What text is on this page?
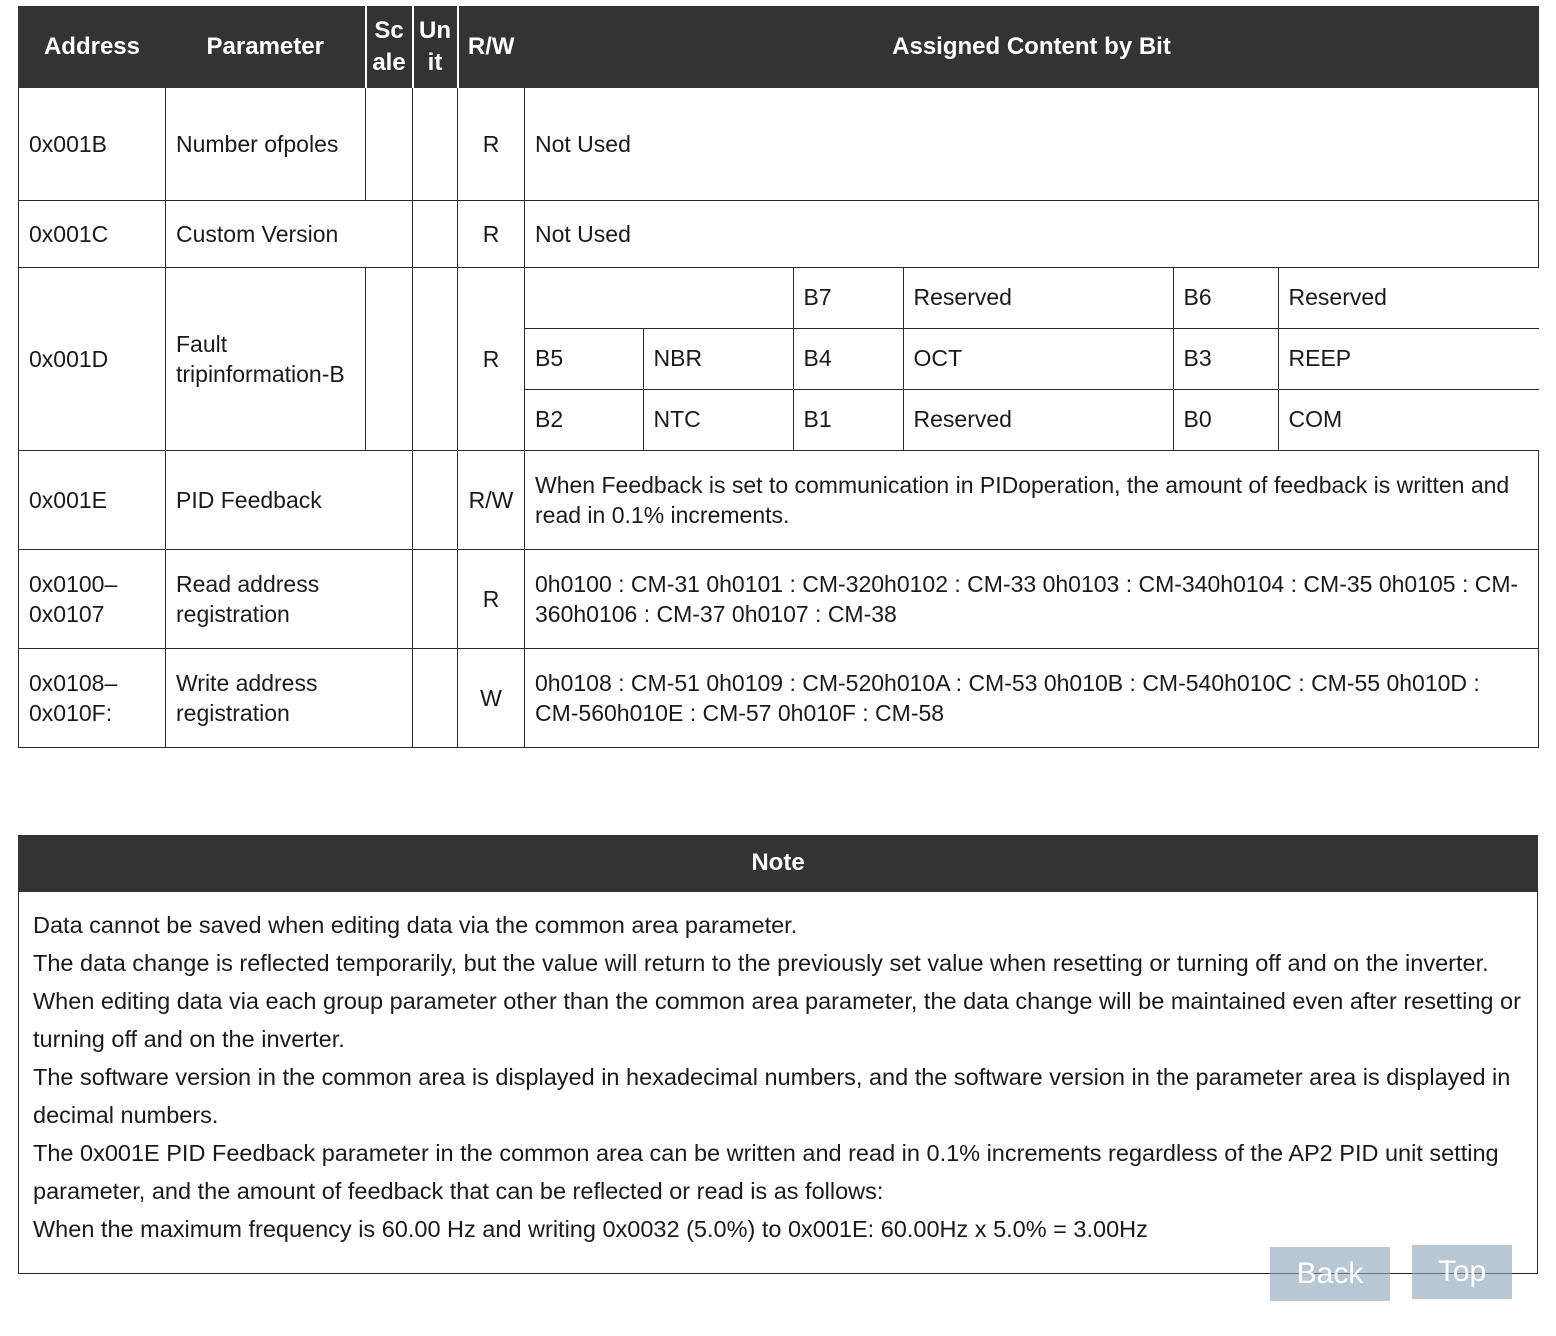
Address	Parameter	Scale	Unit	R/W	Assigned Content by Bit
0x001B	Number ofpoles			R	Not Used
0x001C	Custom Version		R	Not Used
0x001D	Fault tripinformation-B			R	
	B7	Reserved	B6	Reserved
B5	NBR	B4	OCT	B3	REEP
B2	NTC	B1	Reserved	B0	COM

0x001E	PID Feedback		R/W	When Feedback is set to communication in PIDoperation, the amount of feedback is written and read in 0.1% increments.
0x0100–0x0107	Read address registration		R	0h0100 : CM-31 0h0101 : CM-320h0102 : CM-33 0h0103 : CM-340h0104 : CM-35 0h0105 : CM-360h0106 : CM-37 0h0107 : CM-38
0x0108–0x010F:	Write address registration		W	0h0108 : CM-51 0h0109 : CM-520h010A : CM-53 0h010B : CM-540h010C : CM-55 0h010D : CM-560h010E : CM-57 0h010F : CM-58
Note

Data cannot be saved when editing data via the common area parameter.

The data change is reflected temporarily, but the value will return to the previously set value when resetting or turning off and on the inverter.

When editing data via each group parameter other than the common area parameter, the data change will be maintained even after resetting or turning off and on the inverter.

The software version in the common area is displayed in hexadecimal numbers, and the software version in the parameter area is displayed in decimal numbers.

The 0x001E PID Feedback parameter in the common area can be written and read in 0.1% increments regardless of the AP2 PID unit setting parameter, and the amount of feedback that can be reflected or read is as follows:

When the maximum frequency is 60.00 Hz and writing 0x0032 (5.0%) to 0x001E: 60.00Hz x 5.0% = 3.00Hz

Back	Top
